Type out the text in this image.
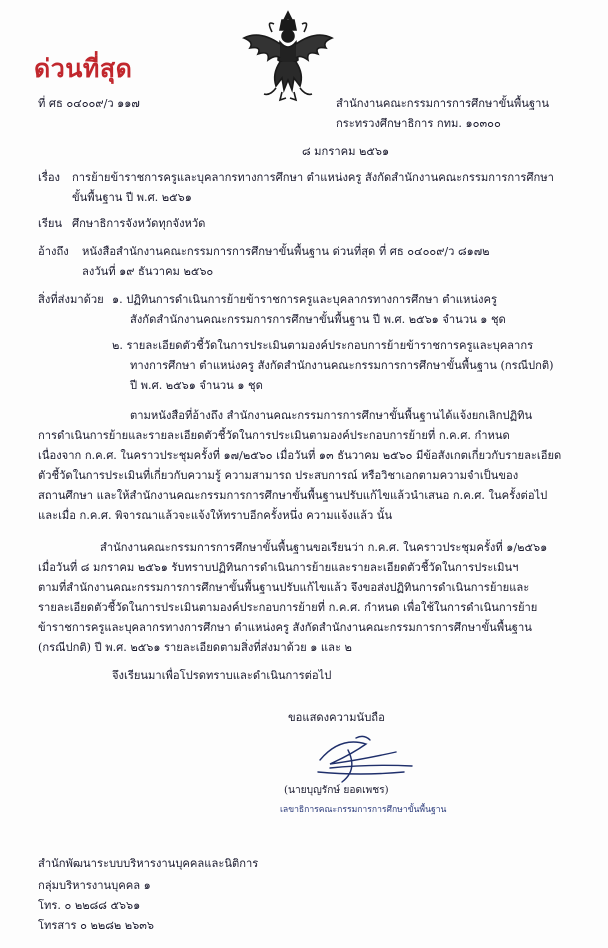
ด่วนที่สุด
ที่ ศธ ๐๔๐๐๙/ว ๑๑๗	สำนักงานคณะกรรมการการศึกษาขั้นพื้นฐาน
กระทรวงศึกษาธิการ กทม. ๑๐๓๐๐
๘ มกราคม ๒๕๖๑
เรื่อง การย้ายข้าราชการครูและบุคลากรทางการศึกษา ตำแหน่งครู สังกัดสำนักงานคณะกรรมการการศึกษา
ขั้นพื้นฐาน ปี พ.ศ. ๒๕๖๑
เรียน ศึกษาธิการจังหวัดทุกจังหวัด
อ้างถึง หนังสือสำนักงานคณะกรรมการการศึกษาขั้นพื้นฐาน ด่วนที่สุด ที่ ศธ ๐๔๐๐๙/ว ๘๑๗๒
ลงวันที่ ๑๙ ธันวาคม ๒๕๖๐
สิ่งที่ส่งมาด้วย ๑. ปฏิทินการดำเนินการย้ายข้าราชการครูและบุคลากรทางการศึกษา ตำแหน่งครู
สังกัดสำนักงานคณะกรรมการการศึกษาขั้นพื้นฐาน ปี พ.ศ. ๒๕๖๑ จำนวน ๑ ชุด
๒. รายละเอียดตัวชี้วัดในการประเมินตามองค์ประกอบการย้ายข้าราชการครูและบุคลากร
ทางการศึกษา ตำแหน่งครู สังกัดสำนักงานคณะกรรมการการศึกษาขั้นพื้นฐาน (กรณีปกติ)
ปี พ.ศ. ๒๕๖๑ จำนวน ๑ ชุด
ตามหนังสือที่อ้างถึง สำนักงานคณะกรรมการการศึกษาขั้นพื้นฐานได้แจ้งยกเลิกปฏิทิน
การดำเนินการย้ายและรายละเอียดตัวชี้วัดในการประเมินตามองค์ประกอบการย้ายที่ ก.ค.ศ. กำหนด
เนื่องจาก ก.ค.ศ. ในคราวประชุมครั้งที่ ๑๗/๒๕๖๐ เมื่อวันที่ ๑๓ ธันวาคม ๒๕๖๐ มีข้อสังเกตเกี่ยวกับรายละเอียด
ตัวชี้วัดในการประเมินที่เกี่ยวกับความรู้ ความสามารถ ประสบการณ์ หรือวิชาเอกตามความจำเป็นของ
สถานศึกษา และให้สำนักงานคณะกรรมการการศึกษาขั้นพื้นฐานปรับแก้ไขแล้วนำเสนอ ก.ค.ศ. ในครั้งต่อไป
และเมื่อ ก.ค.ศ. พิจารณาแล้วจะแจ้งให้ทราบอีกครั้งหนึ่ง ความแจ้งแล้ว นั้น
สำนักงานคณะกรรมการการศึกษาขั้นพื้นฐานขอเรียนว่า ก.ค.ศ. ในคราวประชุมครั้งที่ ๑/๒๕๖๑
เมื่อวันที่ ๘ มกราคม ๒๕๖๑ รับทราบปฏิทินการดำเนินการย้ายและรายละเอียดตัวชี้วัดในการประเมินฯ
ตามที่สำนักงานคณะกรรมการการศึกษาขั้นพื้นฐานปรับแก้ไขแล้ว จึงขอส่งปฏิทินการดำเนินการย้ายและ
รายละเอียดตัวชี้วัดในการประเมินตามองค์ประกอบการย้ายที่ ก.ค.ศ. กำหนด เพื่อใช้ในการดำเนินการย้าย
ข้าราชการครูและบุคลากรทางการศึกษา ตำแหน่งครู สังกัดสำนักงานคณะกรรมการการศึกษาขั้นพื้นฐาน
(กรณีปกติ) ปี พ.ศ. ๒๕๖๑ รายละเอียดตามสิ่งที่ส่งมาด้วย ๑ และ ๒
จึงเรียนมาเพื่อโปรดทราบและดำเนินการต่อไป
ขอแสดงความนับถือ
(นายบุญรักษ์ ยอดเพชร)
เลขาธิการคณะกรรมการการศึกษาขั้นพื้นฐาน
สำนักพัฒนาระบบบริหารงานบุคคลและนิติการ
กลุ่มบริหารงานบุคคล ๑
โทร. ๐ ๒๒๘๘ ๕๖๖๑
โทรสาร ๐ ๒๒๘๒ ๒๖๓๖
